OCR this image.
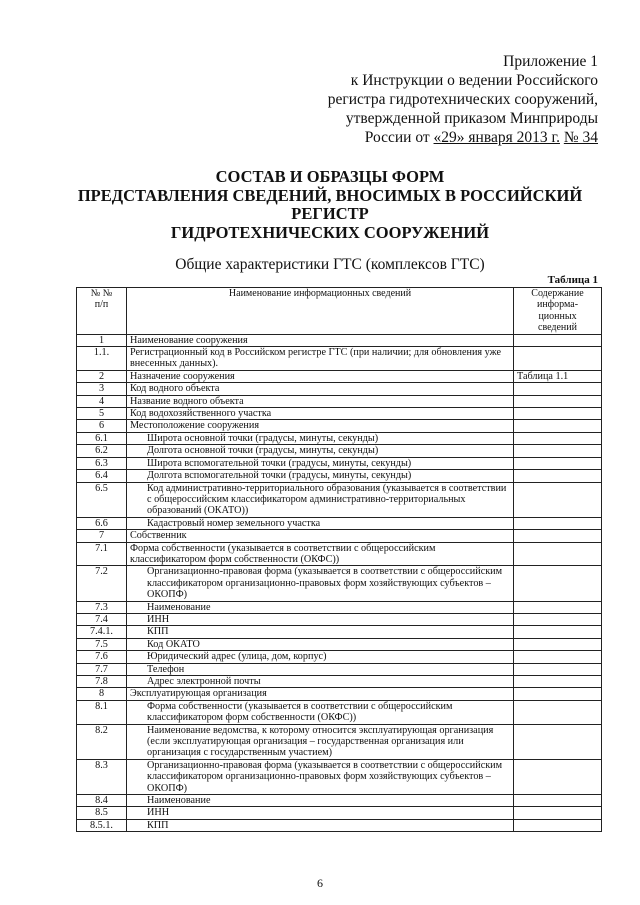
Приложение 1
к Инструкции о ведении Российского
регистра гидротехнических сооружений,
утвержденной приказом Минприроды
России от «29» января 2013 г. № 34
СОСТАВ И ОБРАЗЦЫ ФОРМ
ПРЕДСТАВЛЕНИЯ СВЕДЕНИЙ, ВНОСИМЫХ В РОССИЙСКИЙ
РЕГИСТР
ГИДРОТЕХНИЧЕСКИХ СООРУЖЕНИЙ
Общие характеристики ГТС (комплексов ГТС)
Таблица 1
№ №
п/п	Наименование информационных сведений	Содержание
информа-
ционных
сведений
1	Наименование сооружения	
1.1.	Регистрационный код в Российском регистре ГТС (при наличии; для обновления уже внесенных данных).	
2	Назначение сооружения	Таблица 1.1
3	Код водного объекта	
4	Название водного объекта	
5	Код водохозяйственного участка	
6	Местоположение сооружения	
6.1	Широта основной точки (градусы, минуты, секунды)	
6.2	Долгота основной точки (градусы, минуты, секунды)	
6.3	Широта вспомогательной точки (градусы, минуты, секунды)	
6.4	Долгота вспомогательной точки (градусы, минуты, секунды)	
6.5	Код административно-территориального образования (указывается в соответствии с общероссийским классификатором административно-территориальных образований (ОКАТО))	
6.6	Кадастровый номер земельного участка	
7	Собственник	
7.1	Форма собственности (указывается в соответствии с общероссийским классификатором форм собственности (ОКФС))	
7.2	Организационно-правовая форма (указывается в соответствии с общероссийским классификатором организационно-правовых форм хозяйствующих субъектов – ОКОПФ)	
7.3	Наименование	
7.4	ИНН	
7.4.1.	КПП	
7.5	Код ОКАТО	
7.6	Юридический адрес (улица, дом, корпус)	
7.7	Телефон	
7.8	Адрес электронной почты	
8	Эксплуатирующая организация	
8.1	Форма собственности (указывается в соответствии с общероссийским классификатором форм собственности (ОКФС))	
8.2	Наименование ведомства, к которому относится эксплуатирующая организация (если эксплуатирующая организация – государственная организация или организация с государственным участием)	
8.3	Организационно-правовая форма (указывается в соответствии с общероссийским классификатором организационно-правовых форм хозяйствующих субъектов – ОКОПФ)	
8.4	Наименование	
8.5	ИНН	
8.5.1.	КПП	
6
